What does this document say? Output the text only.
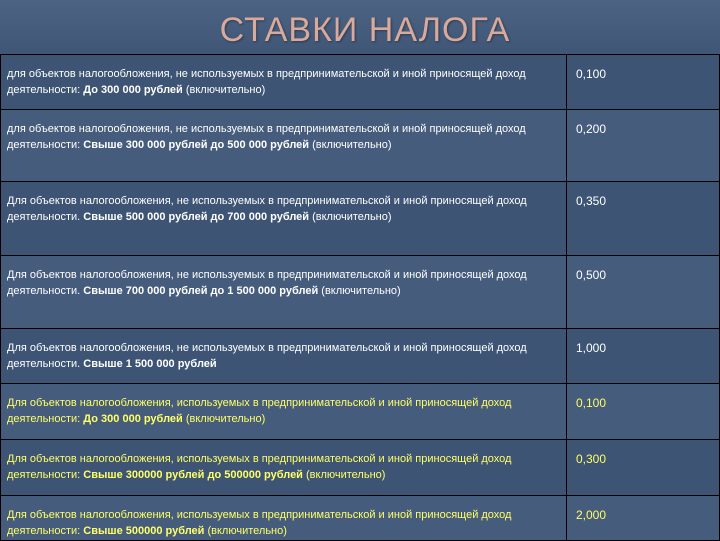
СТАВКИ НАЛОГА
для объектов налогообложения, не используемых в предпринимательской и иной приносящей доход деятельности: До 300 000 рублей (включительно)	0,100
для объектов налогообложения, не используемых в предпринимательской и иной приносящей доход деятельности: Свыше 300 000 рублей до 500 000 рублей (включительно)	0,200
Для объектов налогообложения, не используемых в предпринимательской и иной приносящей доход деятельности. Свыше 500 000 рублей до 700 000 рублей (включительно)	0,350
Для объектов налогообложения, не используемых в предпринимательской и иной приносящей доход деятельности. Свыше 700 000 рублей до 1 500 000 рублей (включительно)	0,500
Для объектов налогообложения, не используемых в предпринимательской и иной приносящей доход деятельности. Свыше 1 500 000 рублей	1,000
Для объектов налогообложения, используемых в предпринимательской и иной приносящей доход деятельности: До 300 000 рублей (включительно)	0,100
Для объектов налогообложения, используемых в предпринимательской и иной приносящей доход деятельности: Свыше 300000 рублей до 500000 рублей (включительно)	0,300
Для объектов налогообложения, используемых в предпринимательской и иной приносящей доход деятельности: Свыше 500000 рублей (включительно)	2,000
